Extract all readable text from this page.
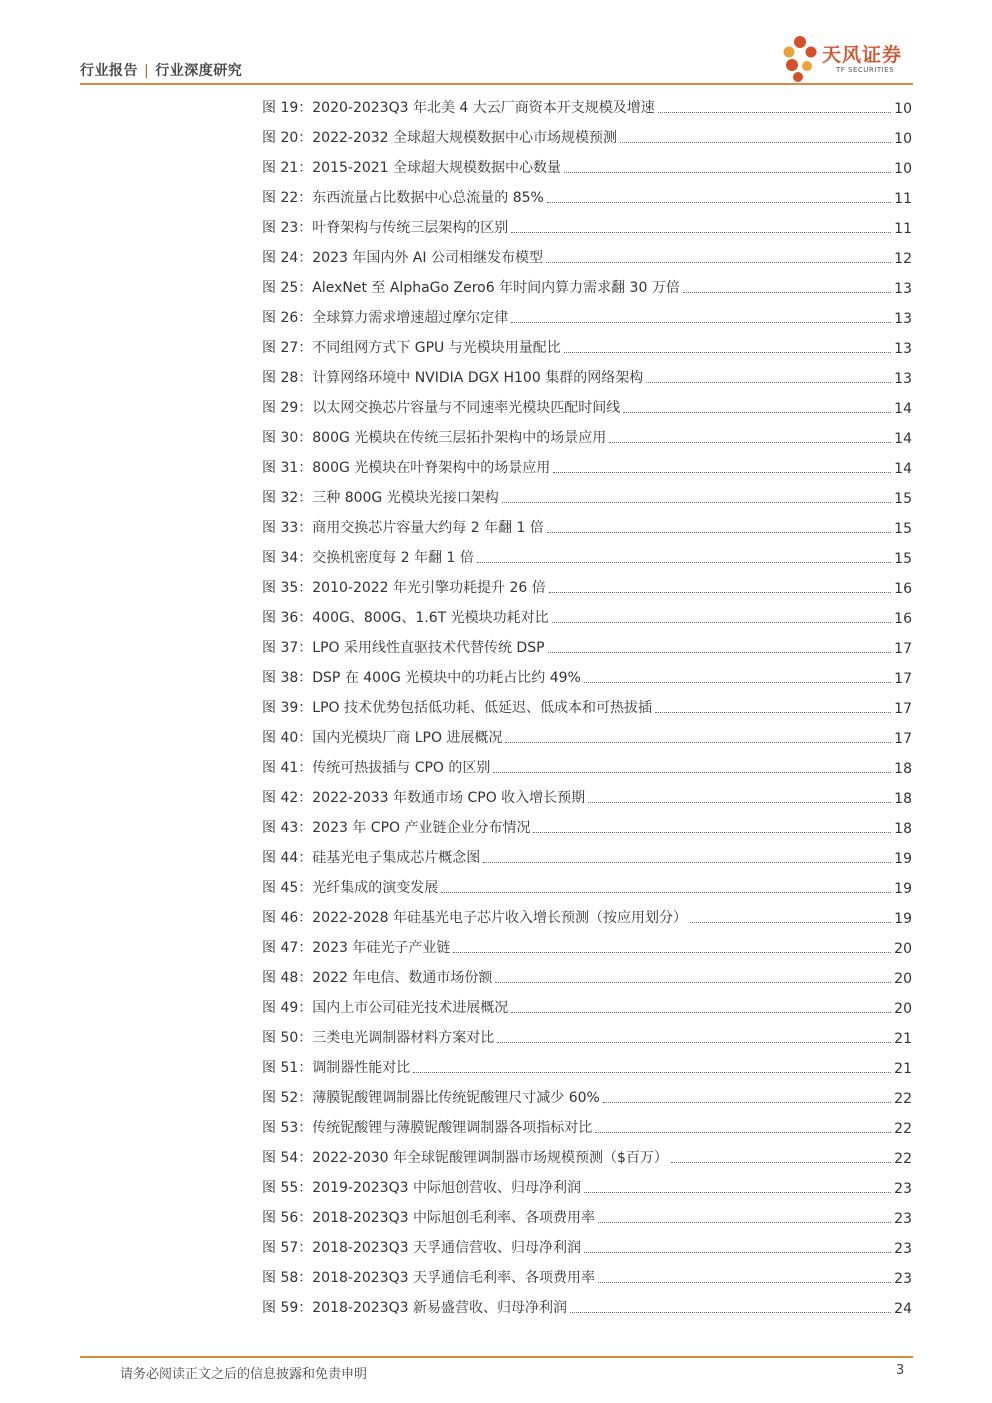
行业报告 | 行业深度研究
天风证券
TF SECURITIES
图 19：2020-2023Q3 年北美 4 大云厂商资本开支规模及增速	10
图 20：2022-2032 全球超大规模数据中心市场规模预测	10
图 21：2015-2021 全球超大规模数据中心数量	10
图 22：东西流量占比数据中心总流量的 85%	11
图 23：叶脊架构与传统三层架构的区别	11
图 24：2023 年国内外 AI 公司相继发布模型	12
图 25：AlexNet 至 AlphaGo Zero6 年时间内算力需求翻 30 万倍	13
图 26：全球算力需求增速超过摩尔定律	13
图 27：不同组网方式下 GPU 与光模块用量配比	13
图 28：计算网络环境中 NVIDIA DGX H100 集群的网络架构	13
图 29：以太网交换芯片容量与不同速率光模块匹配时间线	14
图 30：800G 光模块在传统三层拓扑架构中的场景应用	14
图 31：800G 光模块在叶脊架构中的场景应用	14
图 32：三种 800G 光模块光接口架构	15
图 33：商用交换芯片容量大约每 2 年翻 1 倍	15
图 34：交换机密度每 2 年翻 1 倍	15
图 35：2010-2022 年光引擎功耗提升 26 倍	16
图 36：400G、800G、1.6T 光模块功耗对比	16
图 37：LPO 采用线性直驱技术代替传统 DSP	17
图 38：DSP 在 400G 光模块中的功耗占比约 49%	17
图 39：LPO 技术优势包括低功耗、低延迟、低成本和可热拔插	17
图 40：国内光模块厂商 LPO 进展概况	17
图 41：传统可热拔插与 CPO 的区别	18
图 42：2022-2033 年数通市场 CPO 收入增长预期	18
图 43：2023 年 CPO 产业链企业分布情况	18
图 44：硅基光电子集成芯片概念图	19
图 45：光纤集成的演变发展	19
图 46：2022-2028 年硅基光电子芯片收入增长预测（按应用划分）	19
图 47：2023 年硅光子产业链	20
图 48：2022 年电信、数通市场份额	20
图 49：国内上市公司硅光技术进展概况	20
图 50：三类电光调制器材料方案对比	21
图 51：调制器性能对比	21
图 52：薄膜铌酸锂调制器比传统铌酸锂尺寸减少 60%	22
图 53：传统铌酸锂与薄膜铌酸锂调制器各项指标对比	22
图 54：2022-2030 年全球铌酸锂调制器市场规模预测（$百万）	22
图 55：2019-2023Q3 中际旭创营收、归母净利润	23
图 56：2018-2023Q3 中际旭创毛利率、各项费用率	23
图 57：2018-2023Q3 天孚通信营收、归母净利润	23
图 58：2018-2023Q3 天孚通信毛利率、各项费用率	23
图 59：2018-2023Q3 新易盛营收、归母净利润	24
请务必阅读正文之后的信息披露和免责申明	3
